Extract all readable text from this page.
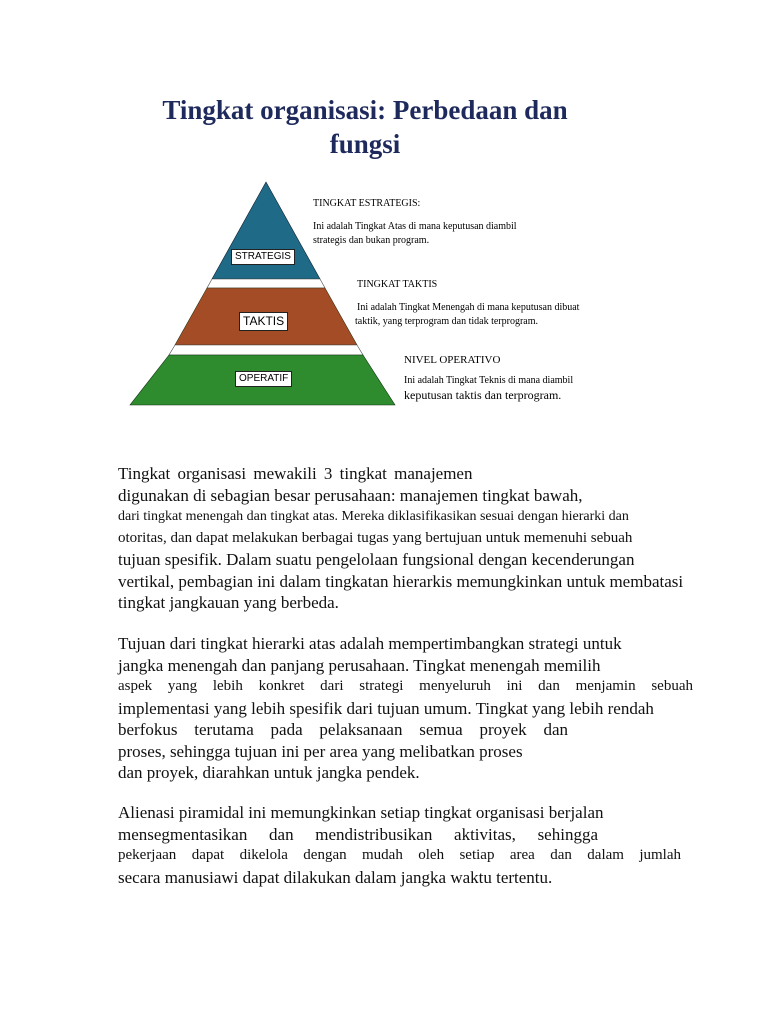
Tingkat organisasi: Perbedaan dan
fungsi
STRATEGIS
TAKTIS
OPERATIF
TINGKAT ESTRATEGIS:
Ini adalah Tingkat Atas di mana keputusan diambil
strategis dan bukan program.
TINGKAT TAKTIS
Ini adalah Tingkat Menengah di mana keputusan dibuat
taktik, yang terprogram dan tidak terprogram.
NIVEL OPERATIVO
Ini adalah Tingkat Teknis di mana diambil
keputusan taktis dan terprogram.
Tingkat organisasi mewakili 3 tingkat manajemen
digunakan di sebagian besar perusahaan: manajemen tingkat bawah,
dari tingkat menengah dan tingkat atas. Mereka diklasifikasikan sesuai dengan hierarki dan
otoritas, dan dapat melakukan berbagai tugas yang bertujuan untuk memenuhi sebuah
tujuan spesifik. Dalam suatu pengelolaan fungsional dengan kecenderungan
vertikal, pembagian ini dalam tingkatan hierarkis memungkinkan untuk membatasi
tingkat jangkauan yang berbeda.
Tujuan dari tingkat hierarki atas adalah mempertimbangkan strategi untuk
jangka menengah dan panjang perusahaan. Tingkat menengah memilih
aspek yang lebih konkret dari strategi menyeluruh ini dan menjamin sebuah
implementasi yang lebih spesifik dari tujuan umum. Tingkat yang lebih rendah
berfokus terutama pada pelaksanaan semua proyek dan
proses, sehingga tujuan ini per area yang melibatkan proses
dan proyek, diarahkan untuk jangka pendek.
Alienasi piramidal ini memungkinkan setiap tingkat organisasi berjalan
mensegmentasikan dan mendistribusikan aktivitas, sehingga
pekerjaan dapat dikelola dengan mudah oleh setiap area dan dalam jumlah
secara manusiawi dapat dilakukan dalam jangka waktu tertentu.
